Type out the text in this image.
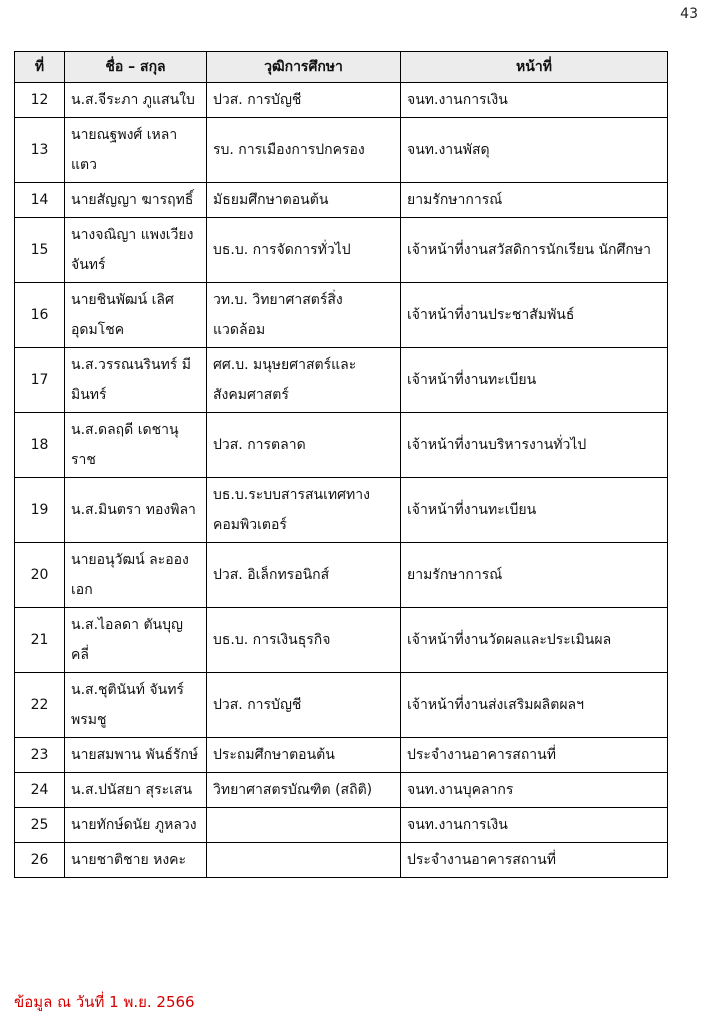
43
ที่	ชื่อ – สกุล	วุฒิการศึกษา	หน้าที่
12	น.ส.จีระภา ภูแสนใบ	ปวส. การบัญชี	จนท.งานการเงิน
13	นายณฐพงศ์ เหลาแตว	รบ. การเมืองการปกครอง	จนท.งานพัสดุ
14	นายสัญญา ฆารฤทธิ์	มัธยมศึกษาตอนต้น	ยามรักษาการณ์
15	นางจณิญา แพงเวียงจันทร์	บธ.บ. การจัดการทั่วไป	เจ้าหน้าที่งานสวัสดิการนักเรียน นักศึกษา
16	นายชินพัฒน์ เลิศอุดมโชค	วท.บ. วิทยาศาสตร์สิ่งแวดล้อม	เจ้าหน้าที่งานประชาสัมพันธ์
17	น.ส.วรรณนรินทร์ มีมินทร์	ศศ.บ. มนุษยศาสตร์และสังคมศาสตร์	เจ้าหน้าที่งานทะเบียน
18	น.ส.ดลฤดี เดชานุราช	ปวส. การตลาด	เจ้าหน้าที่งานบริหารงานทั่วไป
19	น.ส.มินตรา ทองพิลา	บธ.บ.ระบบสารสนเทศทางคอมพิวเตอร์	เจ้าหน้าที่งานทะเบียน
20	นายอนุวัฒน์ ละอองเอก	ปวส. อิเล็กทรอนิกส์	ยามรักษาการณ์
21	น.ส.ไอลดา ตันบุญคลี่	บธ.บ. การเงินธุรกิจ	เจ้าหน้าที่งานวัดผลและประเมินผล
22	น.ส.ชุตินันท์ จันทร์พรมชู	ปวส. การบัญชี	เจ้าหน้าที่งานส่งเสริมผลิตผลฯ
23	นายสมพาน พันธ์รักษ์	ประถมศึกษาตอนต้น	ประจำงานอาคารสถานที่
24	น.ส.ปนัสยา สุระเสน	วิทยาศาสตรบัณฑิต (สถิติ)	จนท.งานบุคลากร
25	นายทักษ์ดนัย ภูหลวง		จนท.งานการเงิน
26	นายชาติชาย หงคะ		ประจำงานอาคารสถานที่
ข้อมูล ณ วันที่ 1 พ.ย. 2566
